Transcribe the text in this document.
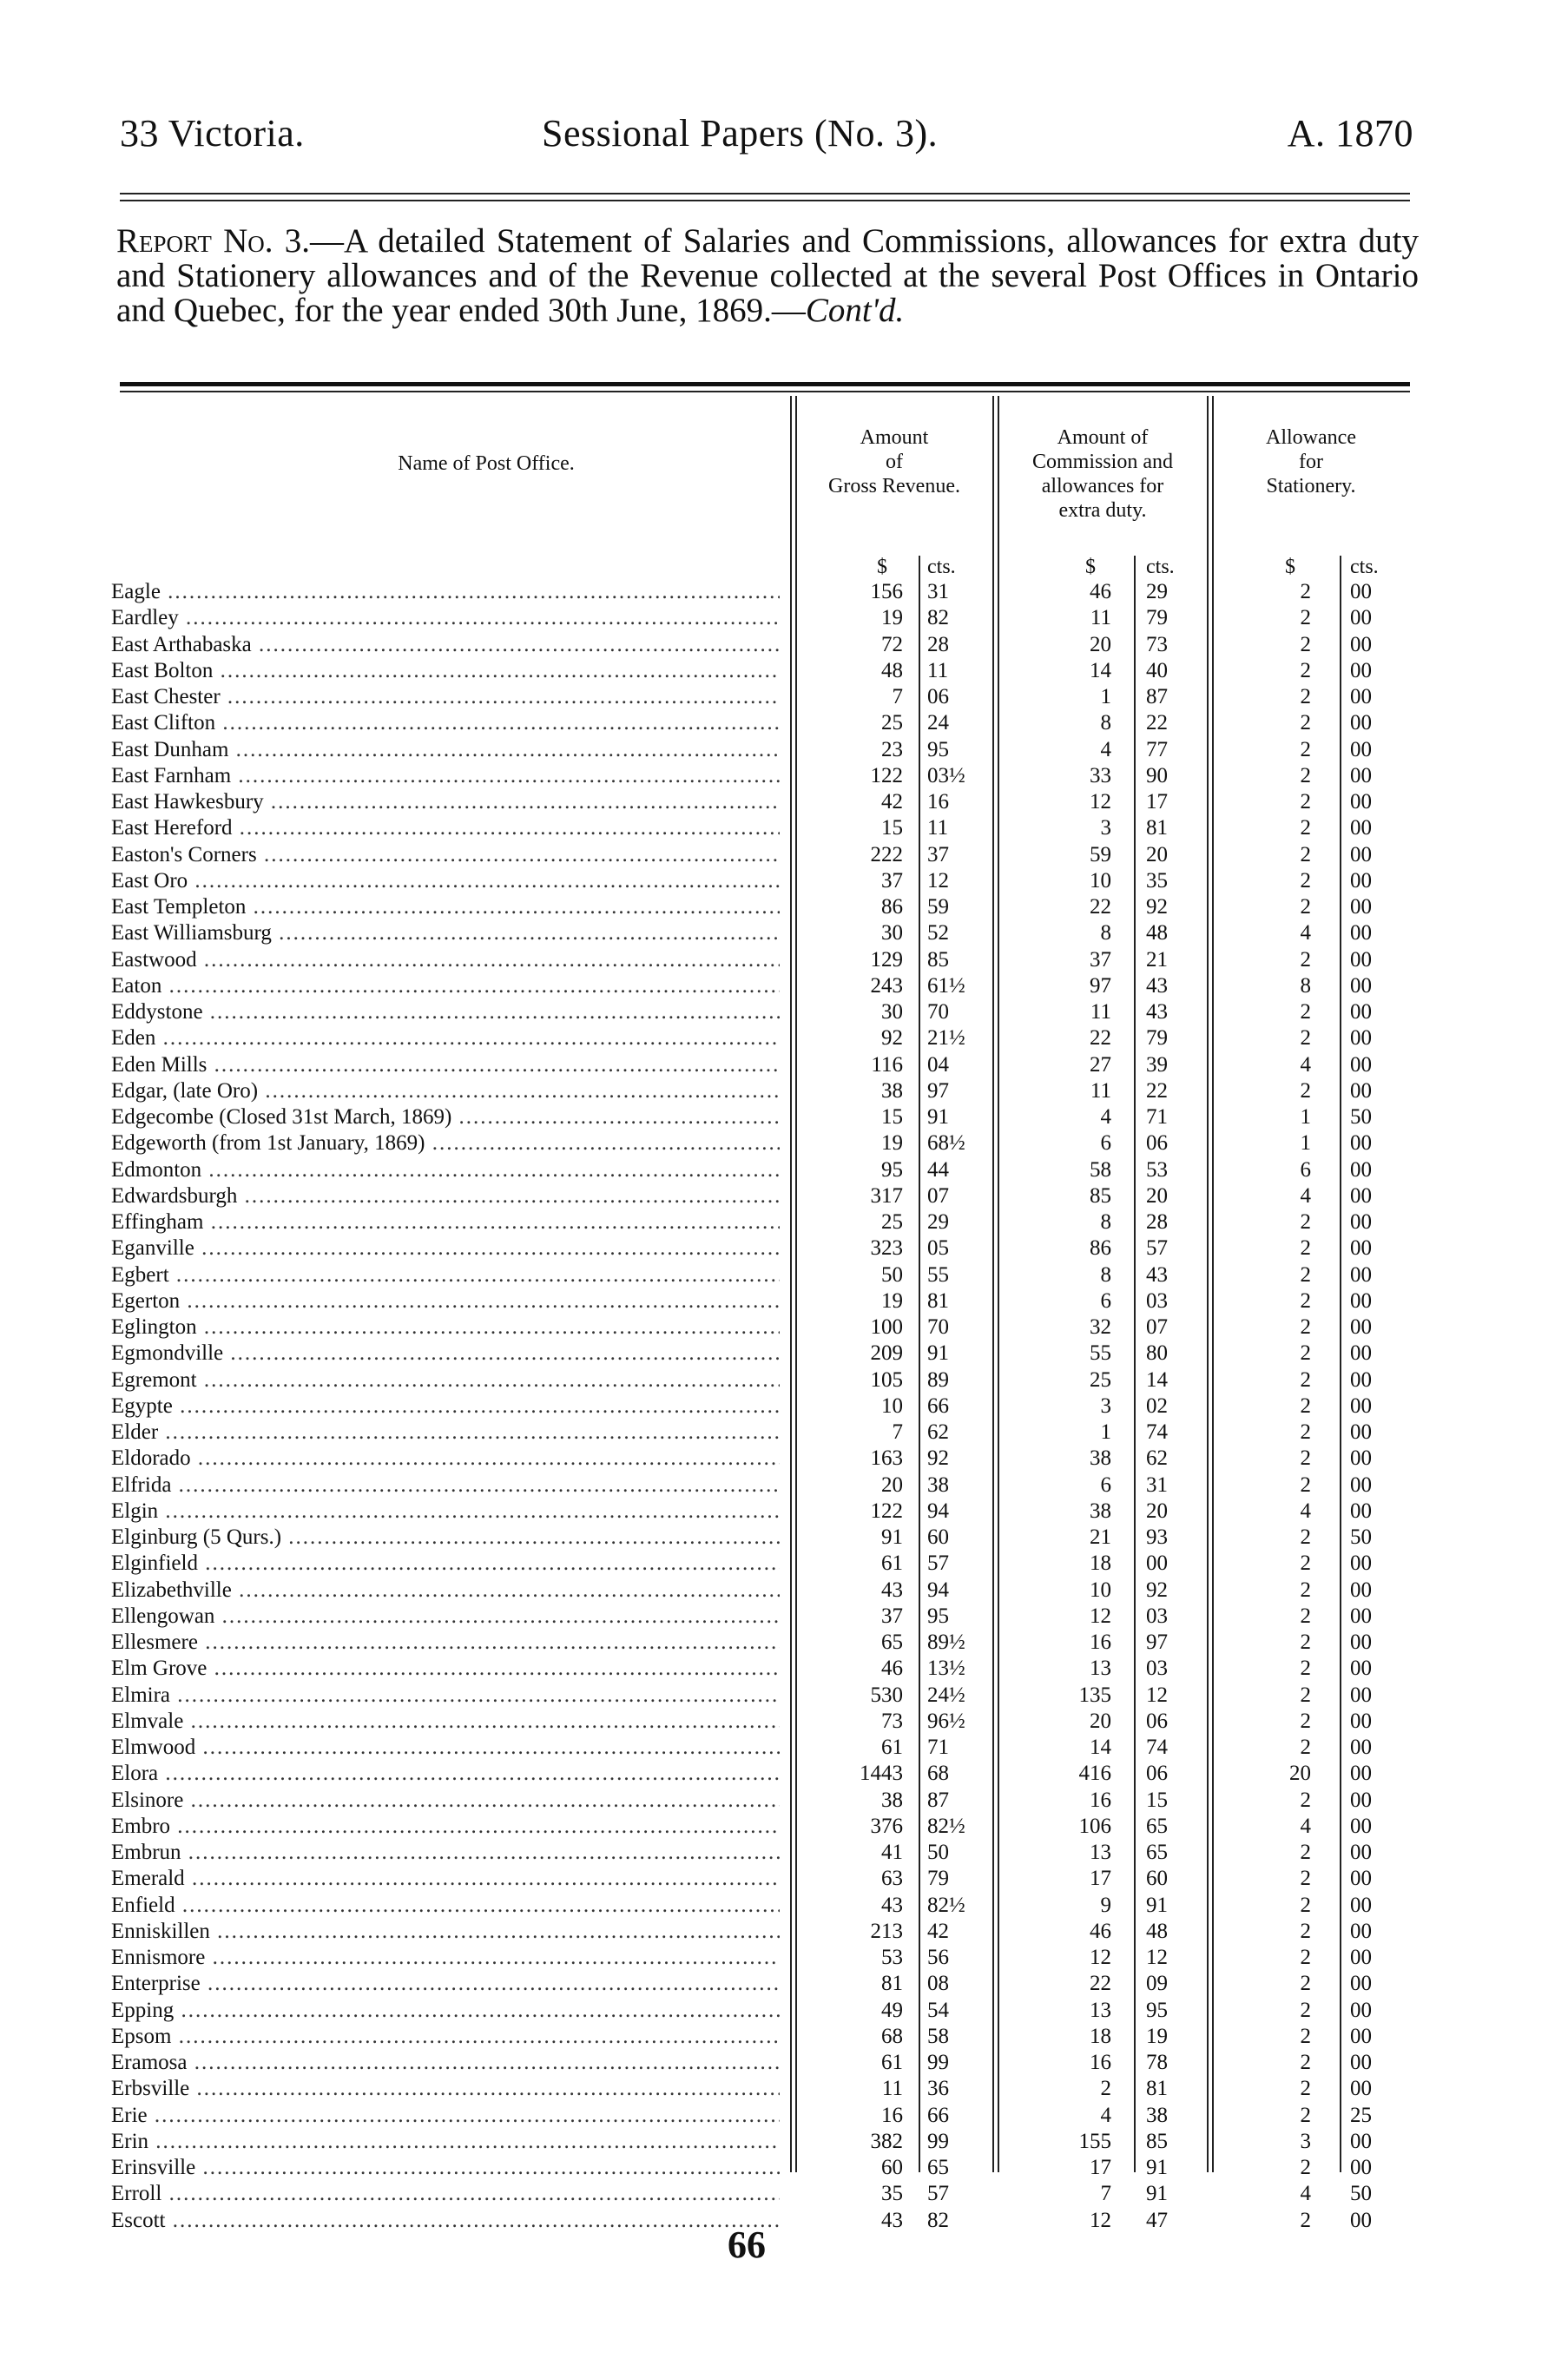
33 Victoria.	Sessional Papers (No. 3).	A. 1870
Report No. 3.—A detailed Statement of Salaries and Commissions, allowances for extra duty and Stationery allowances and of the Revenue collected at the several Post Offices in Ontario and Quebec, for the year ended 30th June, 1869.—Cont'd.
Name of Post Office.
Amount
of
Gross Revenue.
Amount of
Commission and
allowances for
extra duty.
Allowance
for
Stationery.
$ cts.	$ cts.	$	cts.
Eagle .....	156 31	46 29	2 00
Eardley .....	19 82	11 79	2 00
East Arthabaska .....	72 28	20 73	2 00
East Bolton .....	48 11	14 40	2 00
East Chester .....	7 06	1 87	2 00
East Clifton .....	25 24	8 22	2 00
East Dunham .....	23 95	4 77	2 00
East Farnham .....	122 03½	33 90	2 00
East Hawkesbury .....	42 16	12 17	2 00
East Hereford .....	15 11	3 81	2 00
Easton's Corners .....	222 37	59 20	2 00
East Oro .....	37 12	10 35	2 00
East Templeton .....	86 59	22 92	2 00
East Williamsburg .....	30 52	8 48	4 00
Eastwood .....	129 85	37 21	2 00
Eaton .....	243 61½	97 43	8 00
Eddystone .....	30 70	11 43	2 00
Eden .....	92 21½	22 79	2 00
Eden Mills .....	116 04	27 39	4 00
Edgar, (late Oro) .....	38 97	11 22	2 00
Edgecombe (Closed 31st March, 1869) .....	15 91	4 71	1 50
Edgeworth (from 1st January, 1869) .....	19 68½	6 06	1 00
Edmonton .....	95 44	58 53	6 00
Edwardsburgh .....	317 07	85 20	4 00
Effingham .....	25 29	8 28	2 00
Eganville .....	323 05	86 57	2 00
Egbert .....	50 55	8 43	2 00
Egerton .....	19 81	6 03	2 00
Eglington .....	100 70	32 07	2 00
Egmondville .....	209 91	55 80	2 00
Egremont .....	105 89	25 14	2 00
Egypte .....	10 66	3 02	2 00
Elder .....	7 62	1 74	2 00
Eldorado .....	163 92	38 62	2 00
Elfrida .....	20 38	6 31	2 00
Elgin .....	122 94	38 20	4 00
Elginburg (5 Qurs.) .....	91 60	21 93	2 50
Elginfield .....	61 57	18 00	2 00
Elizabethville .....	43 94	10 92	2 00
Ellengowan .....	37 95	12 03	2 00
Ellesmere .....	65 89½	16 97	2 00
Elm Grove .....	46 13½	13 03	2 00
Elmira .....	530 24½	135 12	2 00
Elmvale .....	73 96½	20 06	2 00
Elmwood .....	61 71	14 74	2 00
Elora .....	1443 68	416 06	20 00
Elsinore .....	38 87	16 15	2 00
Embro .....	376 82½	106 65	4 00
Embrun .....	41 50	13 65	2 00
Emerald .....	63 79	17 60	2 00
Enfield .....	43 82½	9 91	2 00
Enniskillen .....	213 42	46 48	2 00
Ennismore .....	53 56	12 12	2 00
Enterprise .....	81 08	22 09	2 00
Epping .....	49 54	13 95	2 00
Epsom .....	68 58	18 19	2 00
Eramosa .....	61 99	16 78	2 00
Erbsville .....	11 36	2 81	2 00
Erie .....	16 66	4 38	2 25
Erin .....	382 99	155 85	3 00
Erinsville .....	60 65	17 91	2 00
Erroll .....	35 57	7 91	4 50
Escott .....	43 82	12 47	2 00
66
